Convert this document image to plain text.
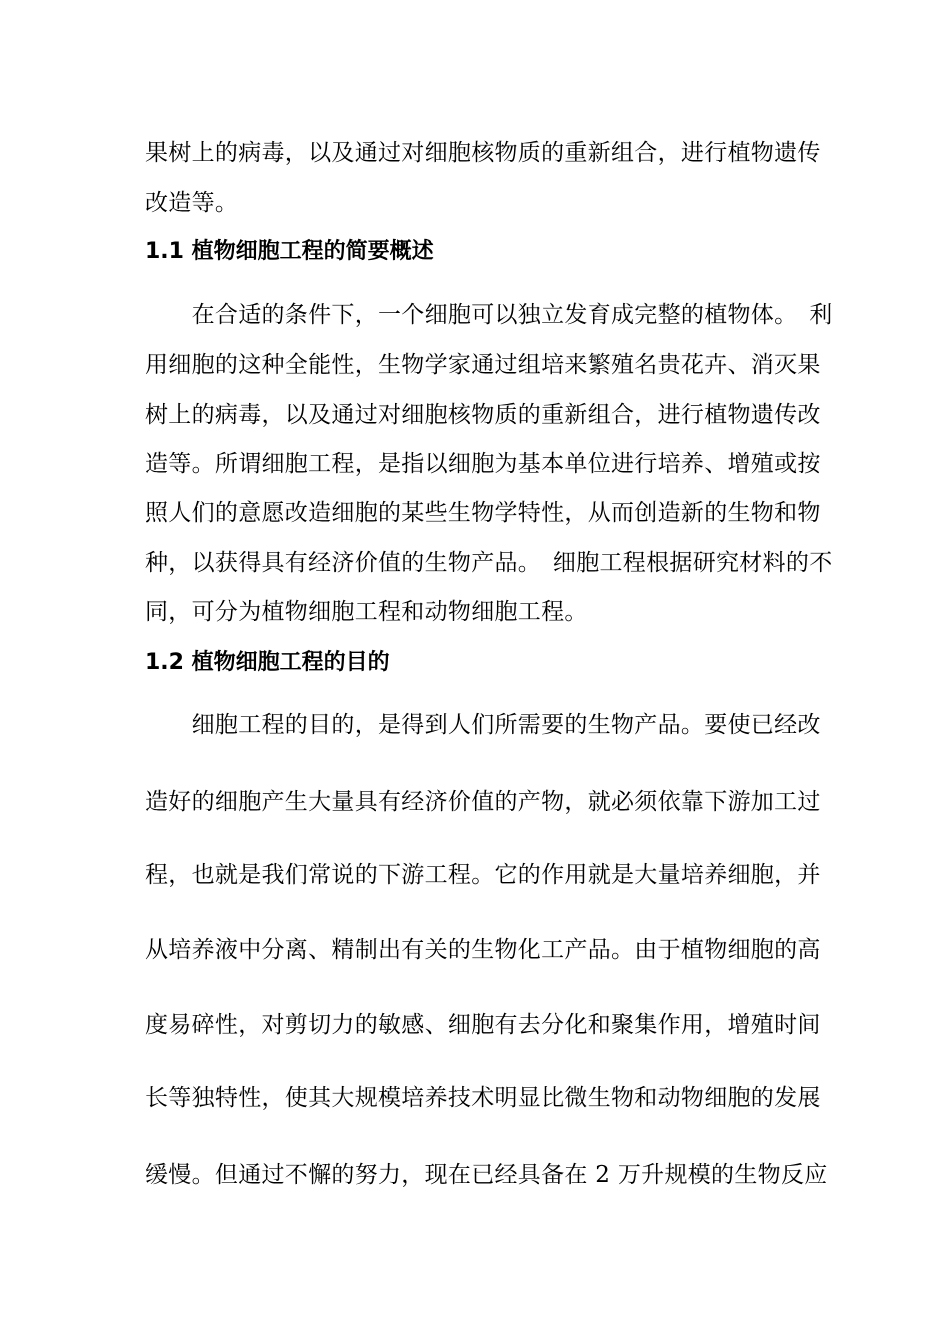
果树上的病毒，以及通过对细胞核物质的重新组合，进行植物遗传
改造等。
1.1 植物细胞工程的简要概述
　　在合适的条件下，一个细胞可以独立发育成完整的植物体。　利
用细胞的这种全能性，生物学家通过组培来繁殖名贵花卉、消灭果
树上的病毒，以及通过对细胞核物质的重新组合，进行植物遗传改
造等。所谓细胞工程，是指以细胞为基本单位进行培养、增殖或按
照人们的意愿改造细胞的某些生物学特性，从而创造新的生物和物
种，以获得具有经济价值的生物产品。　细胞工程根据研究材料的不
同，可分为植物细胞工程和动物细胞工程。
1.2 植物细胞工程的目的
　　细胞工程的目的，是得到人们所需要的生物产品。要使已经改
造好的细胞产生大量具有经济价值的产物，就必须依靠下游加工过
程，也就是我们常说的下游工程。它的作用就是大量培养细胞，并
从培养液中分离、精制出有关的生物化工产品。由于植物细胞的高
度易碎性，对剪切力的敏感、细胞有去分化和聚集作用，增殖时间
长等独特性，使其大规模培养技术明显比微生物和动物细胞的发展
缓慢。但通过不懈的努力，现在已经具备在 2 万升规模的生物反应
